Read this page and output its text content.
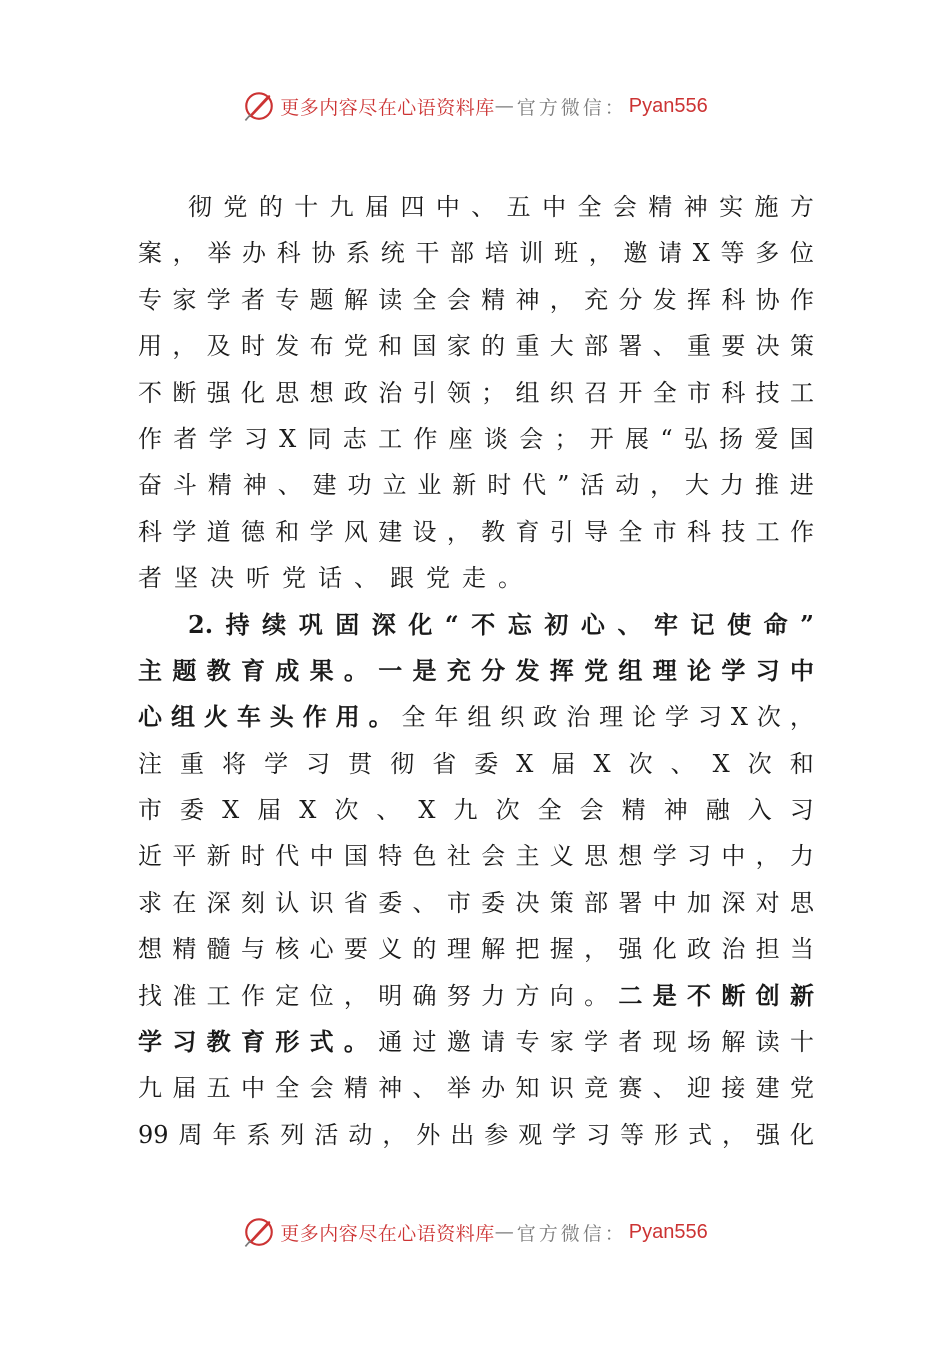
更多内容尽在心语资料库 — 官方微信： Pyan556
彻 党 的 十 九 届 四 中 、 五 中 全 会 精 神 实 施 方
案 ， 举 办 科 协 系 统 干 部 培 训 班 ， 邀 请 X 等 多 位
专 家 学 者 专 题 解 读 全 会 精 神 ， 充 分 发 挥 科 协 作
用 ， 及 时 发 布 党 和 国 家 的 重 大 部 署 、 重 要 决 策
不 断 强 化 思 想 政 治 引 领 ； 组 织 召 开 全 市 科 技 工
作 者 学 习 X 同 志 工 作 座 谈 会 ； 开 展 “ 弘 扬 爱 国
奋 斗 精 神 、 建 功 立 业 新 时 代 ” 活 动 ， 大 力 推 进
科 学 道 德 和 学 风 建 设 ， 教 育 引 导 全 市 科 技 工 作
者 坚 决 听 党 话 、 跟 党 走 。
2. 持 续 巩 固 深 化 “ 不 忘 初 心 、 牢 记 使 命 ”
主 题 教 育 成 果 。 一 是 充 分 发 挥 党 组 理 论 学 习 中
心 组 火 车 头 作 用 。 全 年 组 织 政 治 理 论 学 习 X 次 ，
注 重 将 学 习 贯 彻 省 委 X 届 X 次 、 X 次 和
市 委 X 届 X 次 、 X 九 次 全 会 精 神 融 入 习
近 平 新 时 代 中 国 特 色 社 会 主 义 思 想 学 习 中 ， 力
求 在 深 刻 认 识 省 委 、 市 委 决 策 部 署 中 加 深 对 思
想 精 髓 与 核 心 要 义 的 理 解 把 握 ， 强 化 政 治 担 当
找 准 工 作 定 位 ， 明 确 努 力 方 向 。 二 是 不 断 创 新
学 习 教 育 形 式 。 通 过 邀 请 专 家 学 者 现 场 解 读 十
九 届 五 中 全 会 精 神 、 举 办 知 识 竞 赛 、 迎 接 建 党
99 周 年 系 列 活 动 ， 外 出 参 观 学 习 等 形 式 ， 强 化
更多内容尽在心语资料库 — 官方微信： Pyan556
